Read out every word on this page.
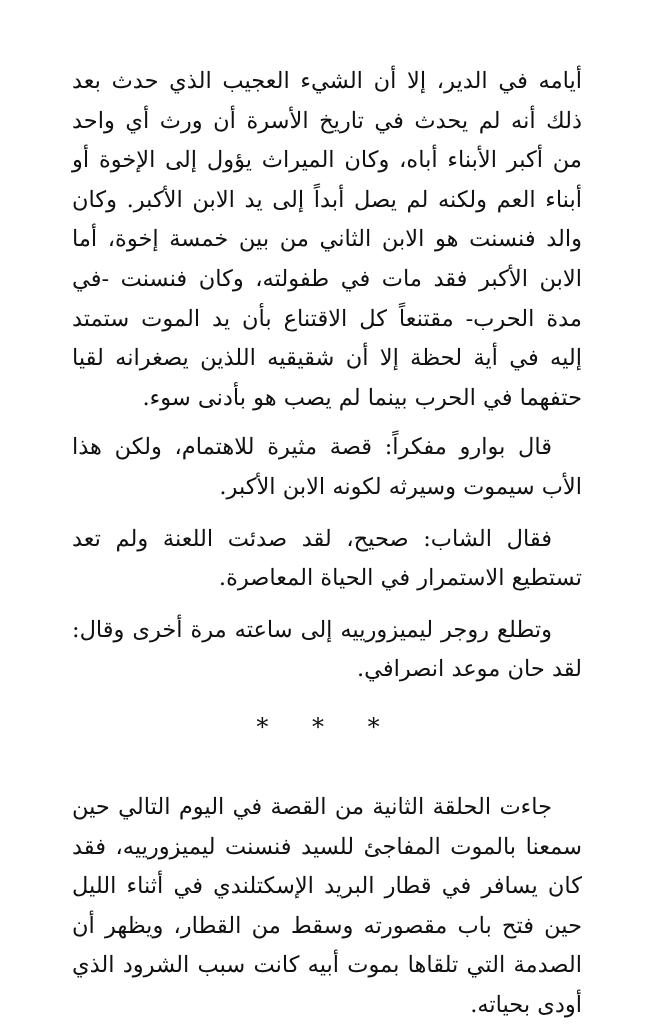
أيامه في الدير، إلا أن الشيء العجيب الذي حدث بعد ذلك أنه لم يحدث في تاريخ الأسرة أن ورث أي واحد من أكبر الأبناء أباه، وكان الميراث يؤول إلى الإخوة أو أبناء العم ولكنه لم يصل أبداً إلى يد الابن الأكبر. وكان والد فنسنت هو الابن الثاني من بين خمسة إخوة، أما الابن الأكبر فقد مات في طفولته، وكان فنسنت -في مدة الحرب- مقتنعاً كل الاقتناع بأن يد الموت ستمتد إليه في أية لحظة إلا أن شقيقيه اللذين يصغرانه لقيا حتفهما في الحرب بينما لم يصب هو بأدنى سوء.

قال بوارو مفكراً: قصة مثيرة للاهتمام، ولكن هذا الأب سيموت وسيرثه لكونه الابن الأكبر.

فقال الشاب: صحيح، لقد صدئت اللعنة ولم تعد تستطيع الاستمرار في الحياة المعاصرة.

وتطلع روجر ليميزورييه إلى ساعته مرة أخرى وقال: لقد حان موعد انصرافي.

* * *

جاءت الحلقة الثانية من القصة في اليوم التالي حين سمعنا بالموت المفاجئ للسيد فنسنت ليميزورييه، فقد كان يسافر في قطار البريد الإسكتلندي في أثناء الليل حين فتح باب مقصورته وسقط من القطار، ويظهر أن الصدمة التي تلقاها بموت أبيه كانت سبب الشرود الذي أودى بحياته.
